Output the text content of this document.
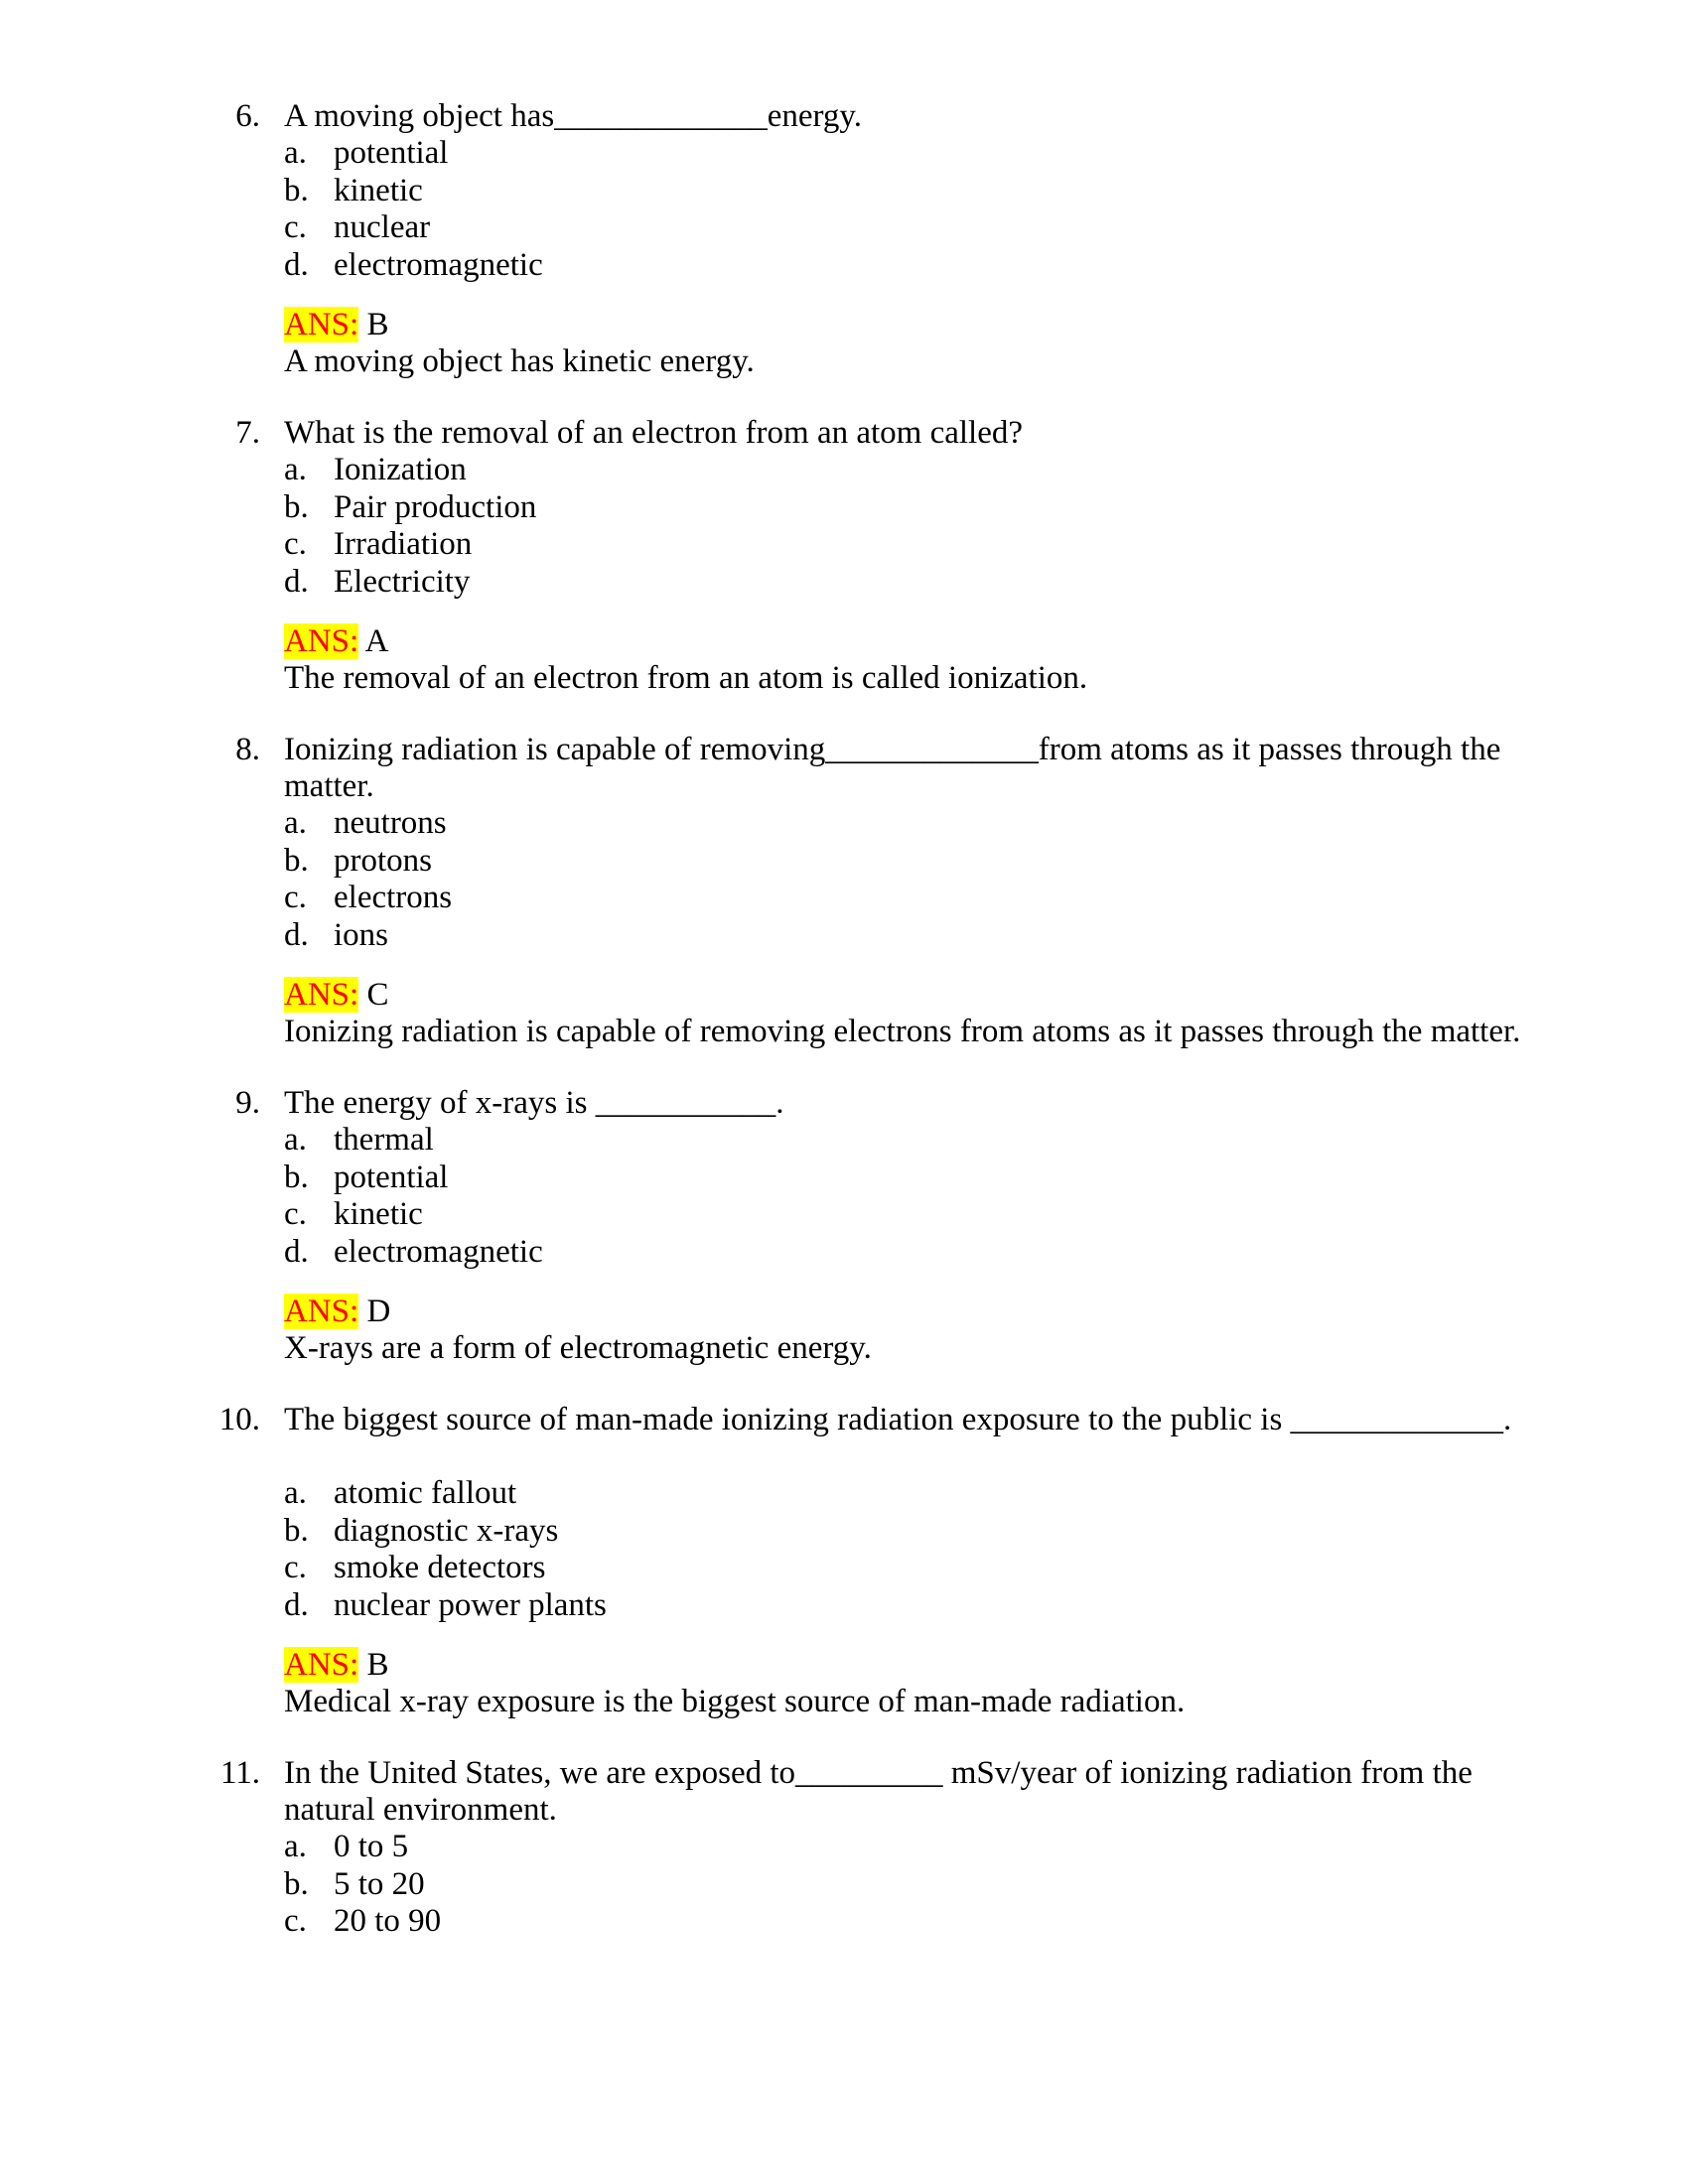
6. A moving object has_____________energy.
a. potential
b. kinetic
c. nuclear
d. electromagnetic
ANS: B
A moving object has kinetic energy.
7. What is the removal of an electron from an atom called?
a. Ionization
b. Pair production
c. Irradiation
d. Electricity
ANS: A
The removal of an electron from an atom is called ionization.
8. Ionizing radiation is capable of removing_____________from atoms as it passes through the matter.
a. neutrons
b. protons
c. electrons
d. ions
ANS: C
Ionizing radiation is capable of removing electrons from atoms as it passes through the matter.
9. The energy of x-rays is ___________.
a. thermal
b. potential
c. kinetic
d. electromagnetic
ANS: D
X-rays are a form of electromagnetic energy.
10. The biggest source of man-made ionizing radiation exposure to the public is _____________.
a. atomic fallout
b. diagnostic x-rays
c. smoke detectors
d. nuclear power plants
ANS: B
Medical x-ray exposure is the biggest source of man-made radiation.
11. In the United States, we are exposed to_________ mSv/year of ionizing radiation from the natural environment.
a. 0 to 5
b. 5 to 20
c. 20 to 90
